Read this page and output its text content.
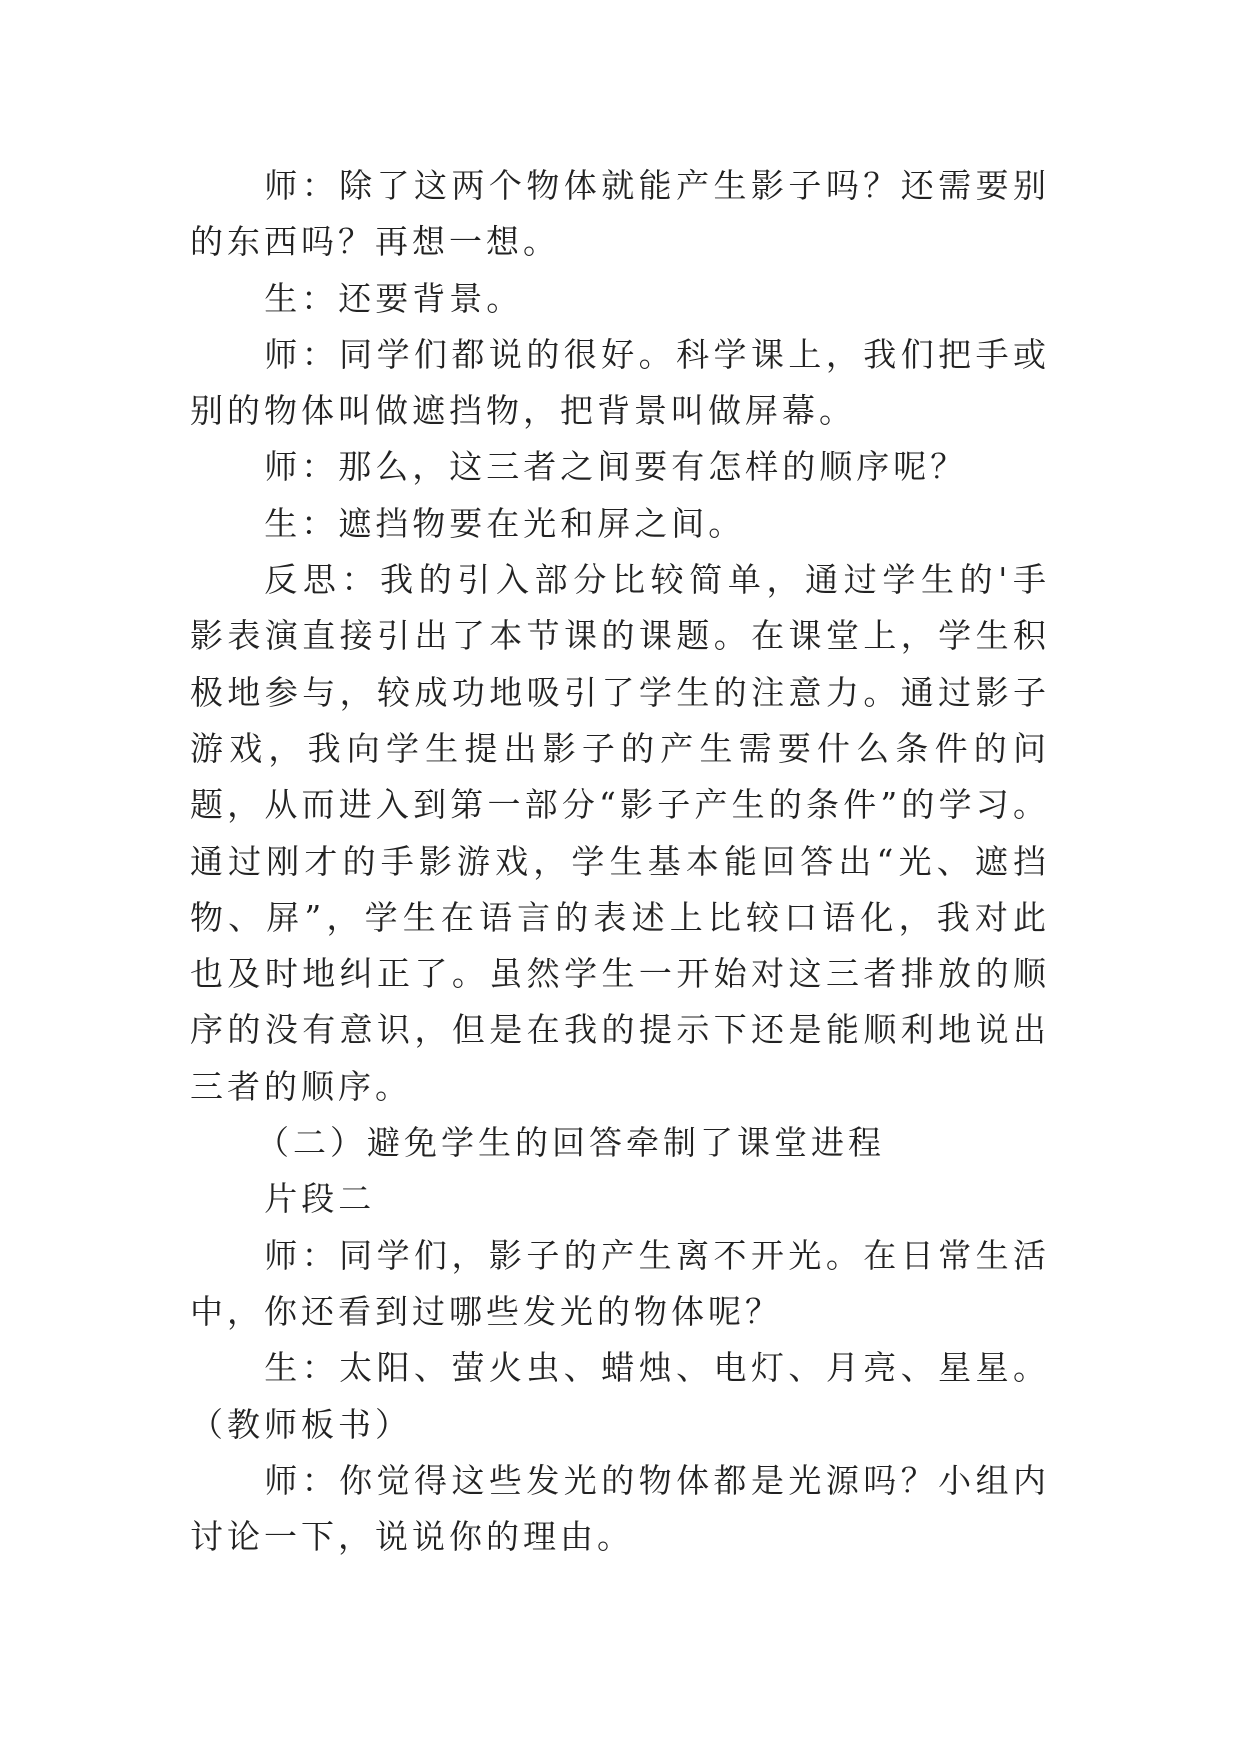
师：除了这两个物体就能产生影子吗？还需要别的东西吗？再想一想。

生：还要背景。

师：同学们都说的很好。科学课上，我们把手或别的物体叫做遮挡物，把背景叫做屏幕。

师：那么，这三者之间要有怎样的顺序呢？

生：遮挡物要在光和屏之间。

反思：我的引入部分比较简单，通过学生的'手影表演直接引出了本节课的课题。在课堂上，学生积极地参与，较成功地吸引了学生的注意力。通过影子游戏，我向学生提出影子的产生需要什么条件的问题，从而进入到第一部分“影子产生的条件”的学习。通过刚才的手影游戏，学生基本能回答出“光、遮挡物、屏”，学生在语言的表述上比较口语化，我对此也及时地纠正了。虽然学生一开始对这三者排放的顺序的没有意识，但是在我的提示下还是能顺利地说出三者的顺序。

（二）避免学生的回答牵制了课堂进程

片段二

师：同学们，影子的产生离不开光。在日常生活中，你还看到过哪些发光的物体呢？

生：太阳、萤火虫、蜡烛、电灯、月亮、星星。（教师板书）

师：你觉得这些发光的物体都是光源吗？小组内讨论一下，说说你的理由。
